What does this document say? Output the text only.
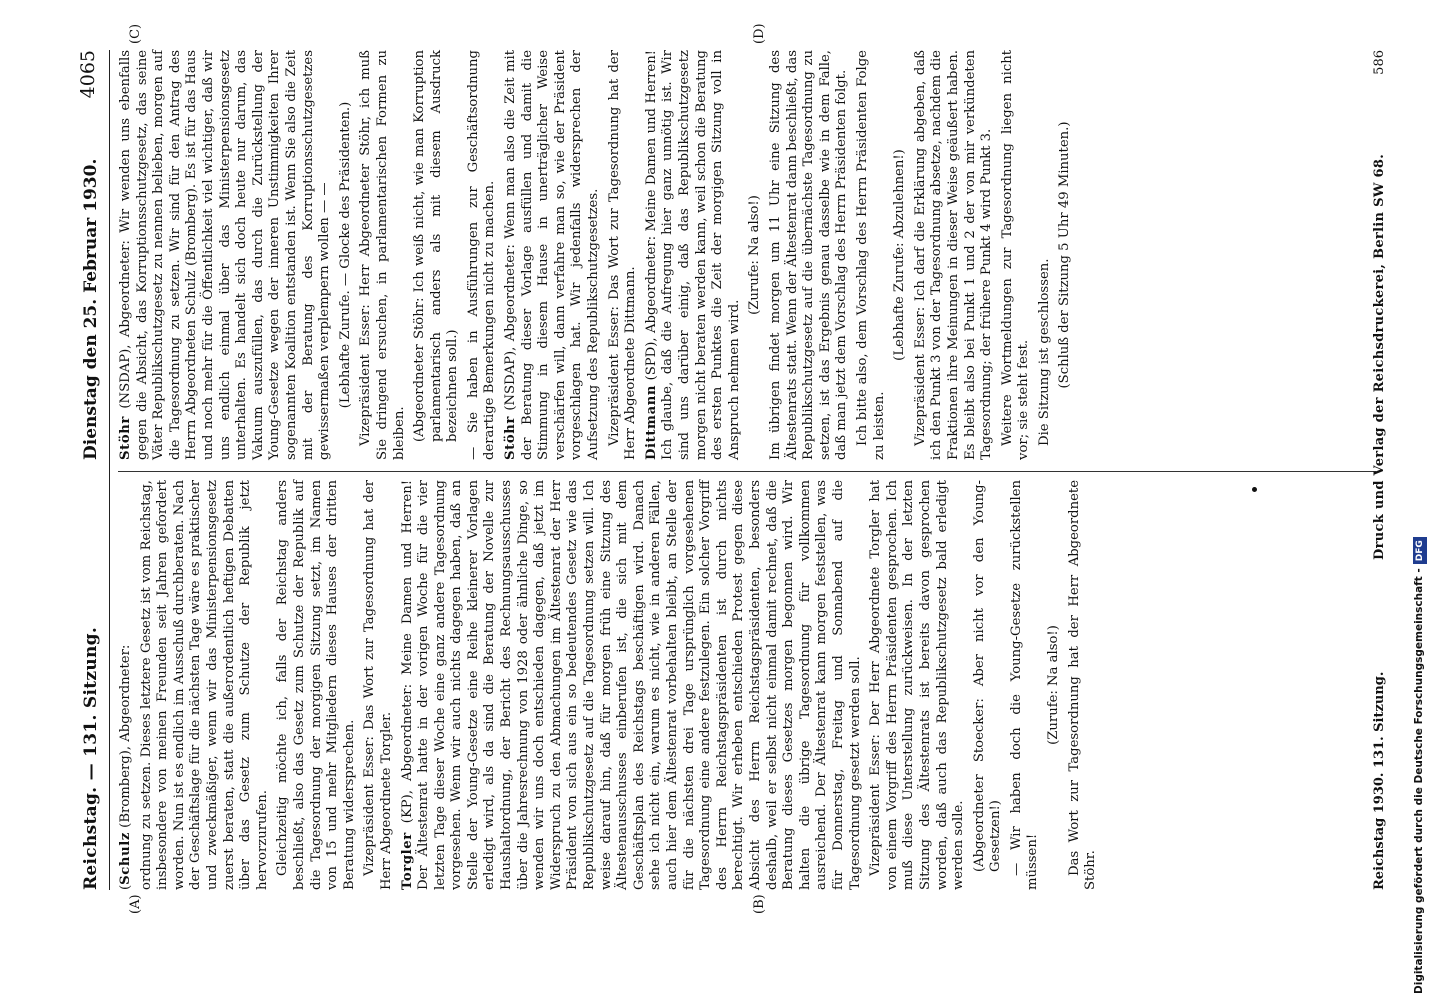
Reichstag. — 131. Sitzung.
Dienstag den 25. Februar 1930.
4065
(A)	(B)
(C)	(D)

(Schulz (Bromberg), Abgeordneter: ordnung zu setzen. Dieses letztere Gesetz ist vom Reichstag, insbesondere von meinen Freunden seit Jahren gefordert worden. Nun ist es endlich im Ausschuß durchberaten. Nach der Geschäftslage für die nächsten Tage wäre es praktischer und zweckmäßiger, wenn wir das Ministerpensionsgesetz zuerst beraten, statt die außerordentlich heftigen Debatten über das Gesetz zum Schutze der Republik jetzt hervorzurufen. Gleichzeitig möchte ich, falls der Reichstag anders beschließt, also das Gesetz zum Schutze der Republik auf die Tagesordnung der morgigen Sitzung setzt, im Namen von 15 und mehr Mitgliedern dieses Hauses der dritten Beratung widersprechen. Vizepräsident Esser: Das Wort zur Tagesordnung hat der Herr Abgeordnete Torgler. Torgler (KP), Abgeordneter: Meine Damen und Herren! Der Ältestenrat hatte in der vorigen Woche für die vier letzten Tage dieser Woche eine ganz andere Tagesordnung vorgesehen. Wenn wir auch nichts dagegen haben, daß an Stelle der Young-Gesetze eine Reihe kleinerer Vorlagen erledigt wird, als da sind die Beratung der Novelle zur Haushaltordnung, der Bericht des Rechnungsausschusses über die Jahresrechnung von 1928 oder ähnliche Dinge, so wenden wir uns doch entschieden dagegen, daß jetzt im Widerspruch zu den Abmachungen im Ältestenrat der Herr Präsident von sich aus ein so bedeutendes Gesetz wie das Republikschutzgesetz auf die Tagesordnung setzen will. Ich weise darauf hin, daß für morgen früh eine Sitzung des Ältestenausschusses einberufen ist, die sich mit dem Geschäftsplan des Reichstags beschäftigen wird. Danach sehe ich nicht ein, warum es nicht, wie in anderen Fällen, auch hier dem Ältestenrat vorbehalten bleibt, an Stelle der für die nächsten drei Tage ursprünglich vorgesehenen Tagesordnung eine andere festzulegen. Ein solcher Vorgriff des Herrn Reichstagspräsidenten ist durch nichts berechtigt. Wir erheben entschieden Protest gegen diese Absicht des Herrn Reichstagspräsidenten, besonders deshalb, weil er selbst nicht einmal damit rechnet, daß die Beratung dieses Gesetzes morgen begonnen wird. Wir halten die übrige Tagesordnung für vollkommen ausreichend. Der Ältestenrat kann morgen feststellen, was für Donnerstag, Freitag und Sonnabend auf die Tagesordnung gesetzt werden soll. Vizepräsident Esser: Der Herr Abgeordnete Torgler hat von einem Vorgriff des Herrn Präsidenten gesprochen. Ich muß diese Unterstellung zurückweisen. In der letzten Sitzung des Ältestenrats ist bereits davon gesprochen worden, daß auch das Republikschutzgesetz bald erledigt werden solle. (Abgeordneter Stoecker: Aber nicht vor den Young-Gesetzen!) — Wir haben doch die Young-Gesetze zurückstellen müssen!

(Zurufe: Na also!) Das Wort zur Tagesordnung hat der Herr Abgeordnete Stöhr.

Stöhr (NSDAP), Abgeordneter: Wir wenden uns ebenfalls gegen die Absicht, das Korruptionsschutzgesetz, das seine Väter Republikschutzgesetz zu nennen belieben, morgen auf die Tagesordnung zu setzen. Wir sind für den Antrag des Herrn Abgeordneten Schulz (Bromberg). Es ist für das Haus und noch mehr für die Öffentlichkeit viel wichtiger, daß wir uns endlich einmal über das Ministerpensionsgesetz unterhalten. Es handelt sich doch heute nur darum, das Vakuum auszufüllen, das durch die Zurückstellung der Young-Gesetze wegen der inneren Unstimmigkeiten Ihrer sogenannten Koalition entstanden ist. Wenn Sie also die Zeit mit der Beratung des Korruptionsschutzgesetzes gewissermaßen verplempern wollen — — (Lebhafte Zurufe. — Glocke des Präsidenten.) Vizepräsident Esser: Herr Abgeordneter Stöhr, ich muß Sie dringend ersuchen, in parlamentarischen Formen zu bleiben. (Abgeordneter Stöhr: Ich weiß nicht, wie man Korruption parlamentarisch anders als mit diesem Ausdruck bezeichnen soll.) — Sie haben in Ausführungen zur Geschäftsordnung derartige Bemerkungen nicht zu machen. Stöhr (NSDAP), Abgeordneter: Wenn man also die Zeit mit der Beratung dieser Vorlage ausfüllen und damit die Stimmung in diesem Hause in unerträglicher Weise verschärfen will, dann verfahre man so, wie der Präsident vorgeschlagen hat. Wir jedenfalls widersprechen der Aufsetzung des Republikschutzgesetzes. Vizepräsident Esser: Das Wort zur Tagesordnung hat der Herr Abgeordnete Dittmann. Dittmann (SPD), Abgeordneter: Meine Damen und Herren! Ich glaube, daß die Aufregung hier ganz unnötig ist. Wir sind uns darüber einig, daß das Republikschutzgesetz morgen nicht beraten werden kann, weil schon die Beratung des ersten Punktes die Zeit der morgigen Sitzung voll in Anspruch nehmen wird.

(Zurufe: Na also!) Im übrigen findet morgen um 11 Uhr eine Sitzung des Ältestenrats statt. Wenn der Ältestenrat dann beschließt, das Republikschutzgesetz auf die übernächste Tagesordnung zu setzen, ist das Ergebnis genau dasselbe wie in dem Falle, daß man jetzt dem Vorschlag des Herrn Präsidenten folgt. Ich bitte also, dem Vorschlag des Herrn Präsidenten Folge zu leisten.

(Lebhafte Zurufe: Abzulehnen!) Vizepräsident Esser: Ich darf die Erklärung abgeben, daß ich den Punkt 3 von der Tagesordnung absetze, nachdem die Fraktionen ihre Meinungen in dieser Weise geäußert haben. Es bleibt also bei Punkt 1 und 2 der von mir verkündeten Tagesordnung; der frühere Punkt 4 wird Punkt 3. Weitere Wortmeldungen zur Tagesordnung liegen nicht vor; sie steht fest. Die Sitzung ist geschlossen. (Schluß der Sitzung 5 Uhr 49 Minuten.)

Reichstag 1930. 131. Sitzung.
Druck und Verlag der Reichsdruckerei, Berlin SW 68.
586
Digitalisierung gefördert durch die Deutsche Forschungsgemeinschaft -DFG
